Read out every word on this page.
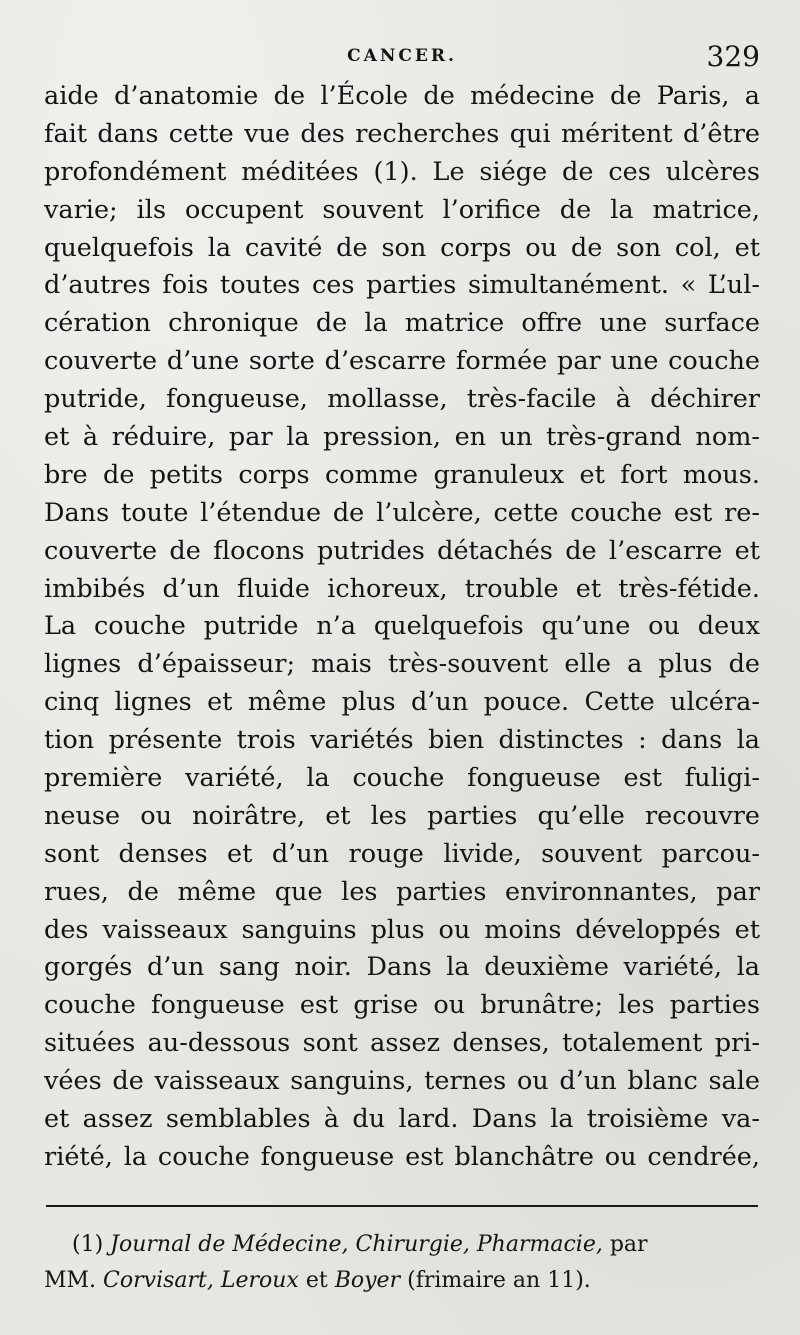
CANCER.	329
aide d’anatomie de l’École de médecine de Paris, a
fait dans cette vue des recherches qui méritent d’être
profondément méditées (1). Le siége de ces ulcères
varie; ils occupent souvent l’orifice de la matrice,
quelquefois la cavité de son corps ou de son col, et
d’autres fois toutes ces parties simultanément. « L’ul-
cération chronique de la matrice offre une surface
couverte d’une sorte d’escarre formée par une couche
putride, fongueuse, mollasse, très-facile à déchirer
et à réduire, par la pression, en un très-grand nom-
bre de petits corps comme granuleux et fort mous.
Dans toute l’étendue de l’ulcère, cette couche est re-
couverte de flocons putrides détachés de l’escarre et
imbibés d’un fluide ichoreux, trouble et très-fétide.
La couche putride n’a quelquefois qu’une ou deux
lignes d’épaisseur; mais très-souvent elle a plus de
cinq lignes et même plus d’un pouce. Cette ulcéra-
tion présente trois variétés bien distinctes : dans la
première variété, la couche fongueuse est fuligi-
neuse ou noirâtre, et les parties qu’elle recouvre
sont denses et d’un rouge livide, souvent parcou-
rues, de même que les parties environnantes, par
des vaisseaux sanguins plus ou moins développés et
gorgés d’un sang noir. Dans la deuxième variété, la
couche fongueuse est grise ou brunâtre; les parties
situées au-dessous sont assez denses, totalement pri-
vées de vaisseaux sanguins, ternes ou d’un blanc sale
et assez semblables à du lard. Dans la troisième va-
riété, la couche fongueuse est blanchâtre ou cendrée,
(1) Journal de Médecine, Chirurgie, Pharmacie, par
MM. Corvisart, Leroux et Boyer (frimaire an 11).
